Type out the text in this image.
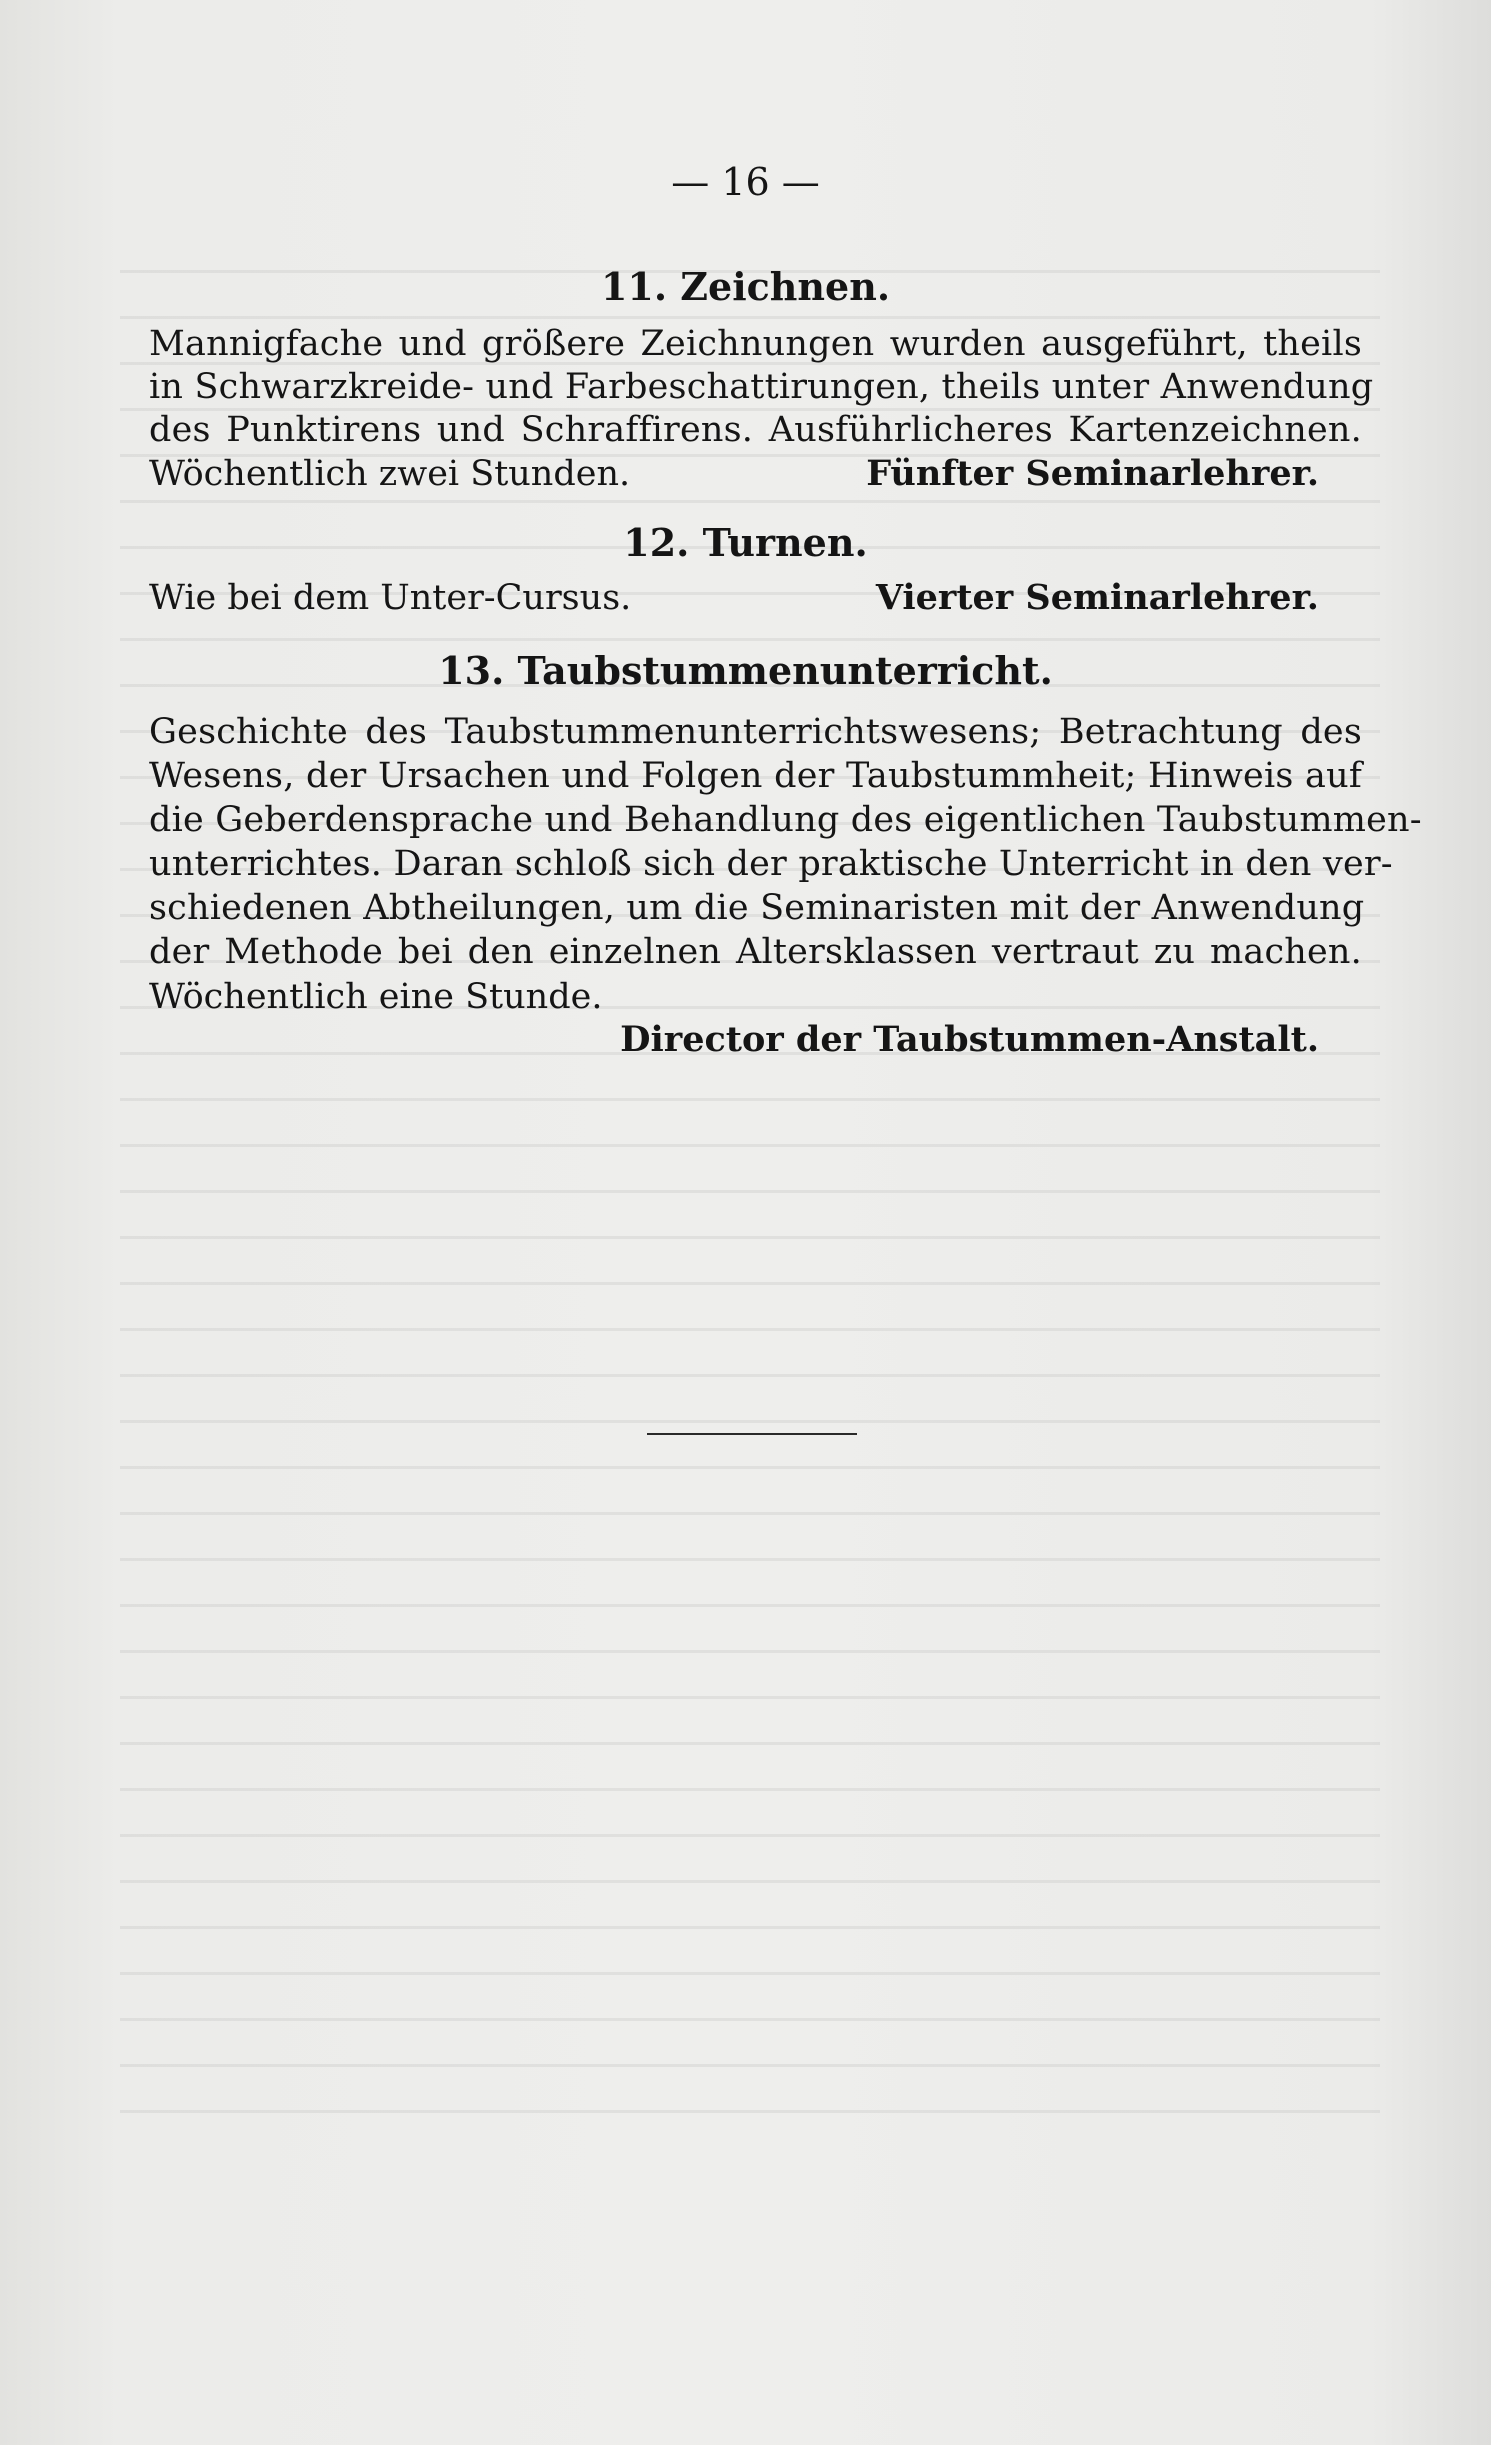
— 16 —
11. Zeichnen.
Mannigfache und größere Zeichnungen wurden ausgeführt, theils
in Schwarzkreide- und Farbeschattirungen, theils unter Anwendung
des Punktirens und Schraffirens. Ausführlicheres Kartenzeichnen.
Wöchentlich zwei Stunden.	Fünfter Seminarlehrer.
12. Turnen.
Wie bei dem Unter-Cursus.	Vierter Seminarlehrer.
13. Taubstummenunterricht.
Geschichte des Taubstummenunterrichtswesens; Betrachtung des
Wesens, der Ursachen und Folgen der Taubstummheit; Hinweis auf
die Geberdensprache und Behandlung des eigentlichen Taubstummen-
unterrichtes. Daran schloß sich der praktische Unterricht in den ver-
schiedenen Abtheilungen, um die Seminaristen mit der Anwendung
der Methode bei den einzelnen Altersklassen vertraut zu machen.
Wöchentlich eine Stunde.
Director der Taubstummen-Anstalt.
